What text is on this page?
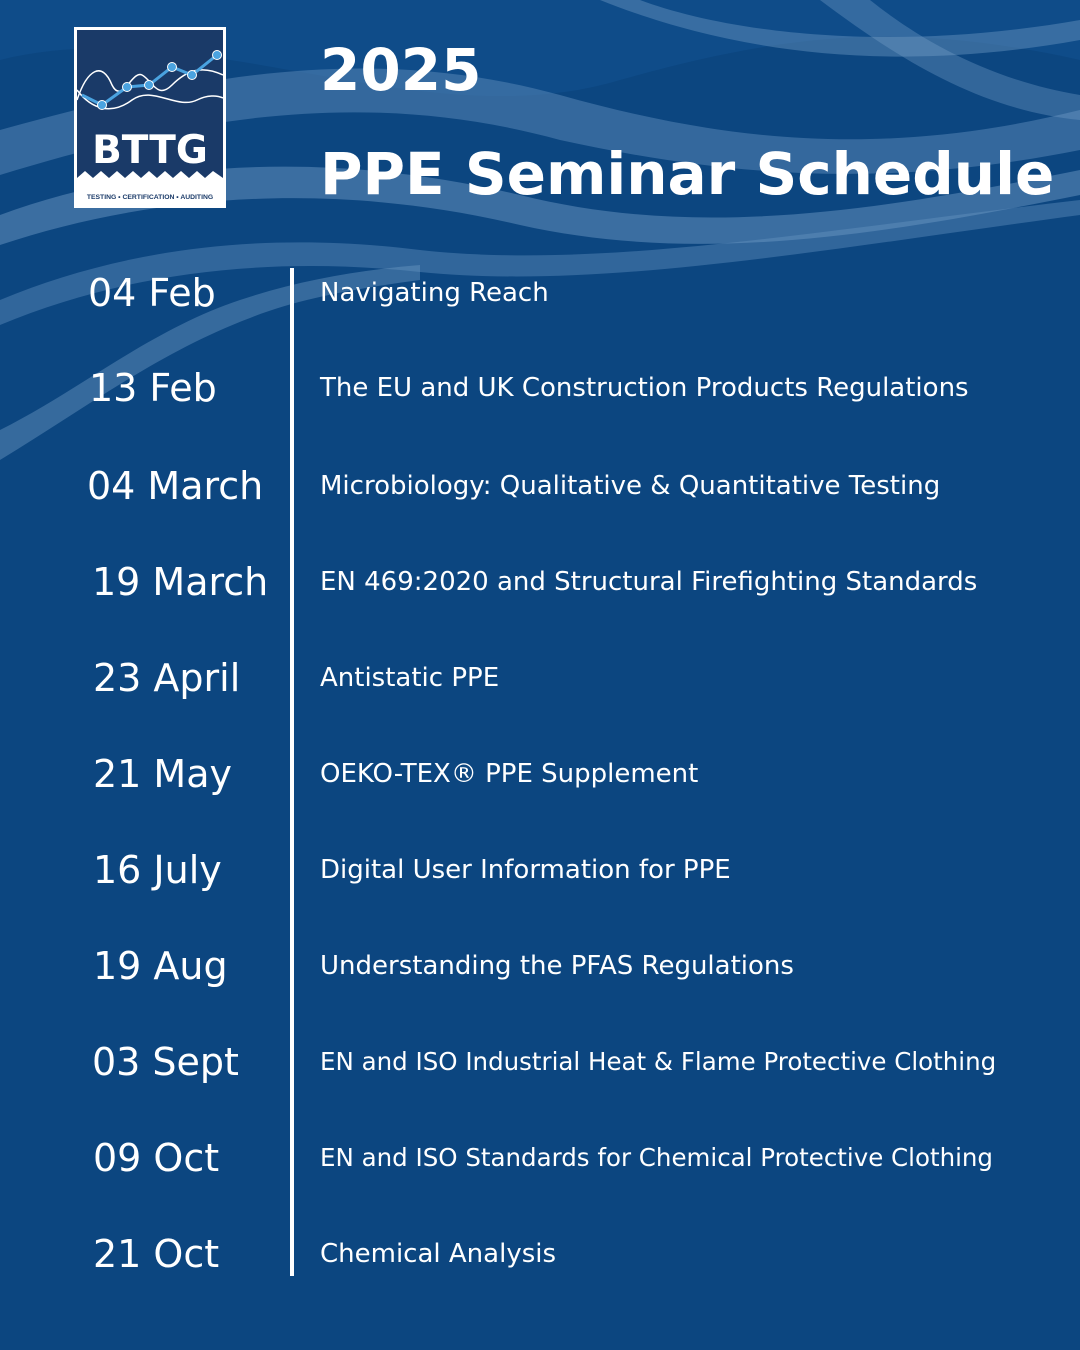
BTTG
TESTING • CERTIFICATION • AUDITING
2025
PPE Seminar Schedule
04 Feb	Navigating Reach
13 Feb	The EU and UK Construction Products Regulations
04 March Microbiology: Qualitative & Quantitative Testing
19 March EN 469:2020 and Structural Firefighting Standards
23 April	Antistatic PPE
21 May	OEKO-TEX® PPE Supplement
16 July	Digital User Information for PPE
19 Aug	Understanding the PFAS Regulations
03 Sept	EN and ISO Industrial Heat & Flame Protective Clothing
09 Oct	EN and ISO Standards for Chemical Protective Clothing
21 Oct	Chemical Analysis
